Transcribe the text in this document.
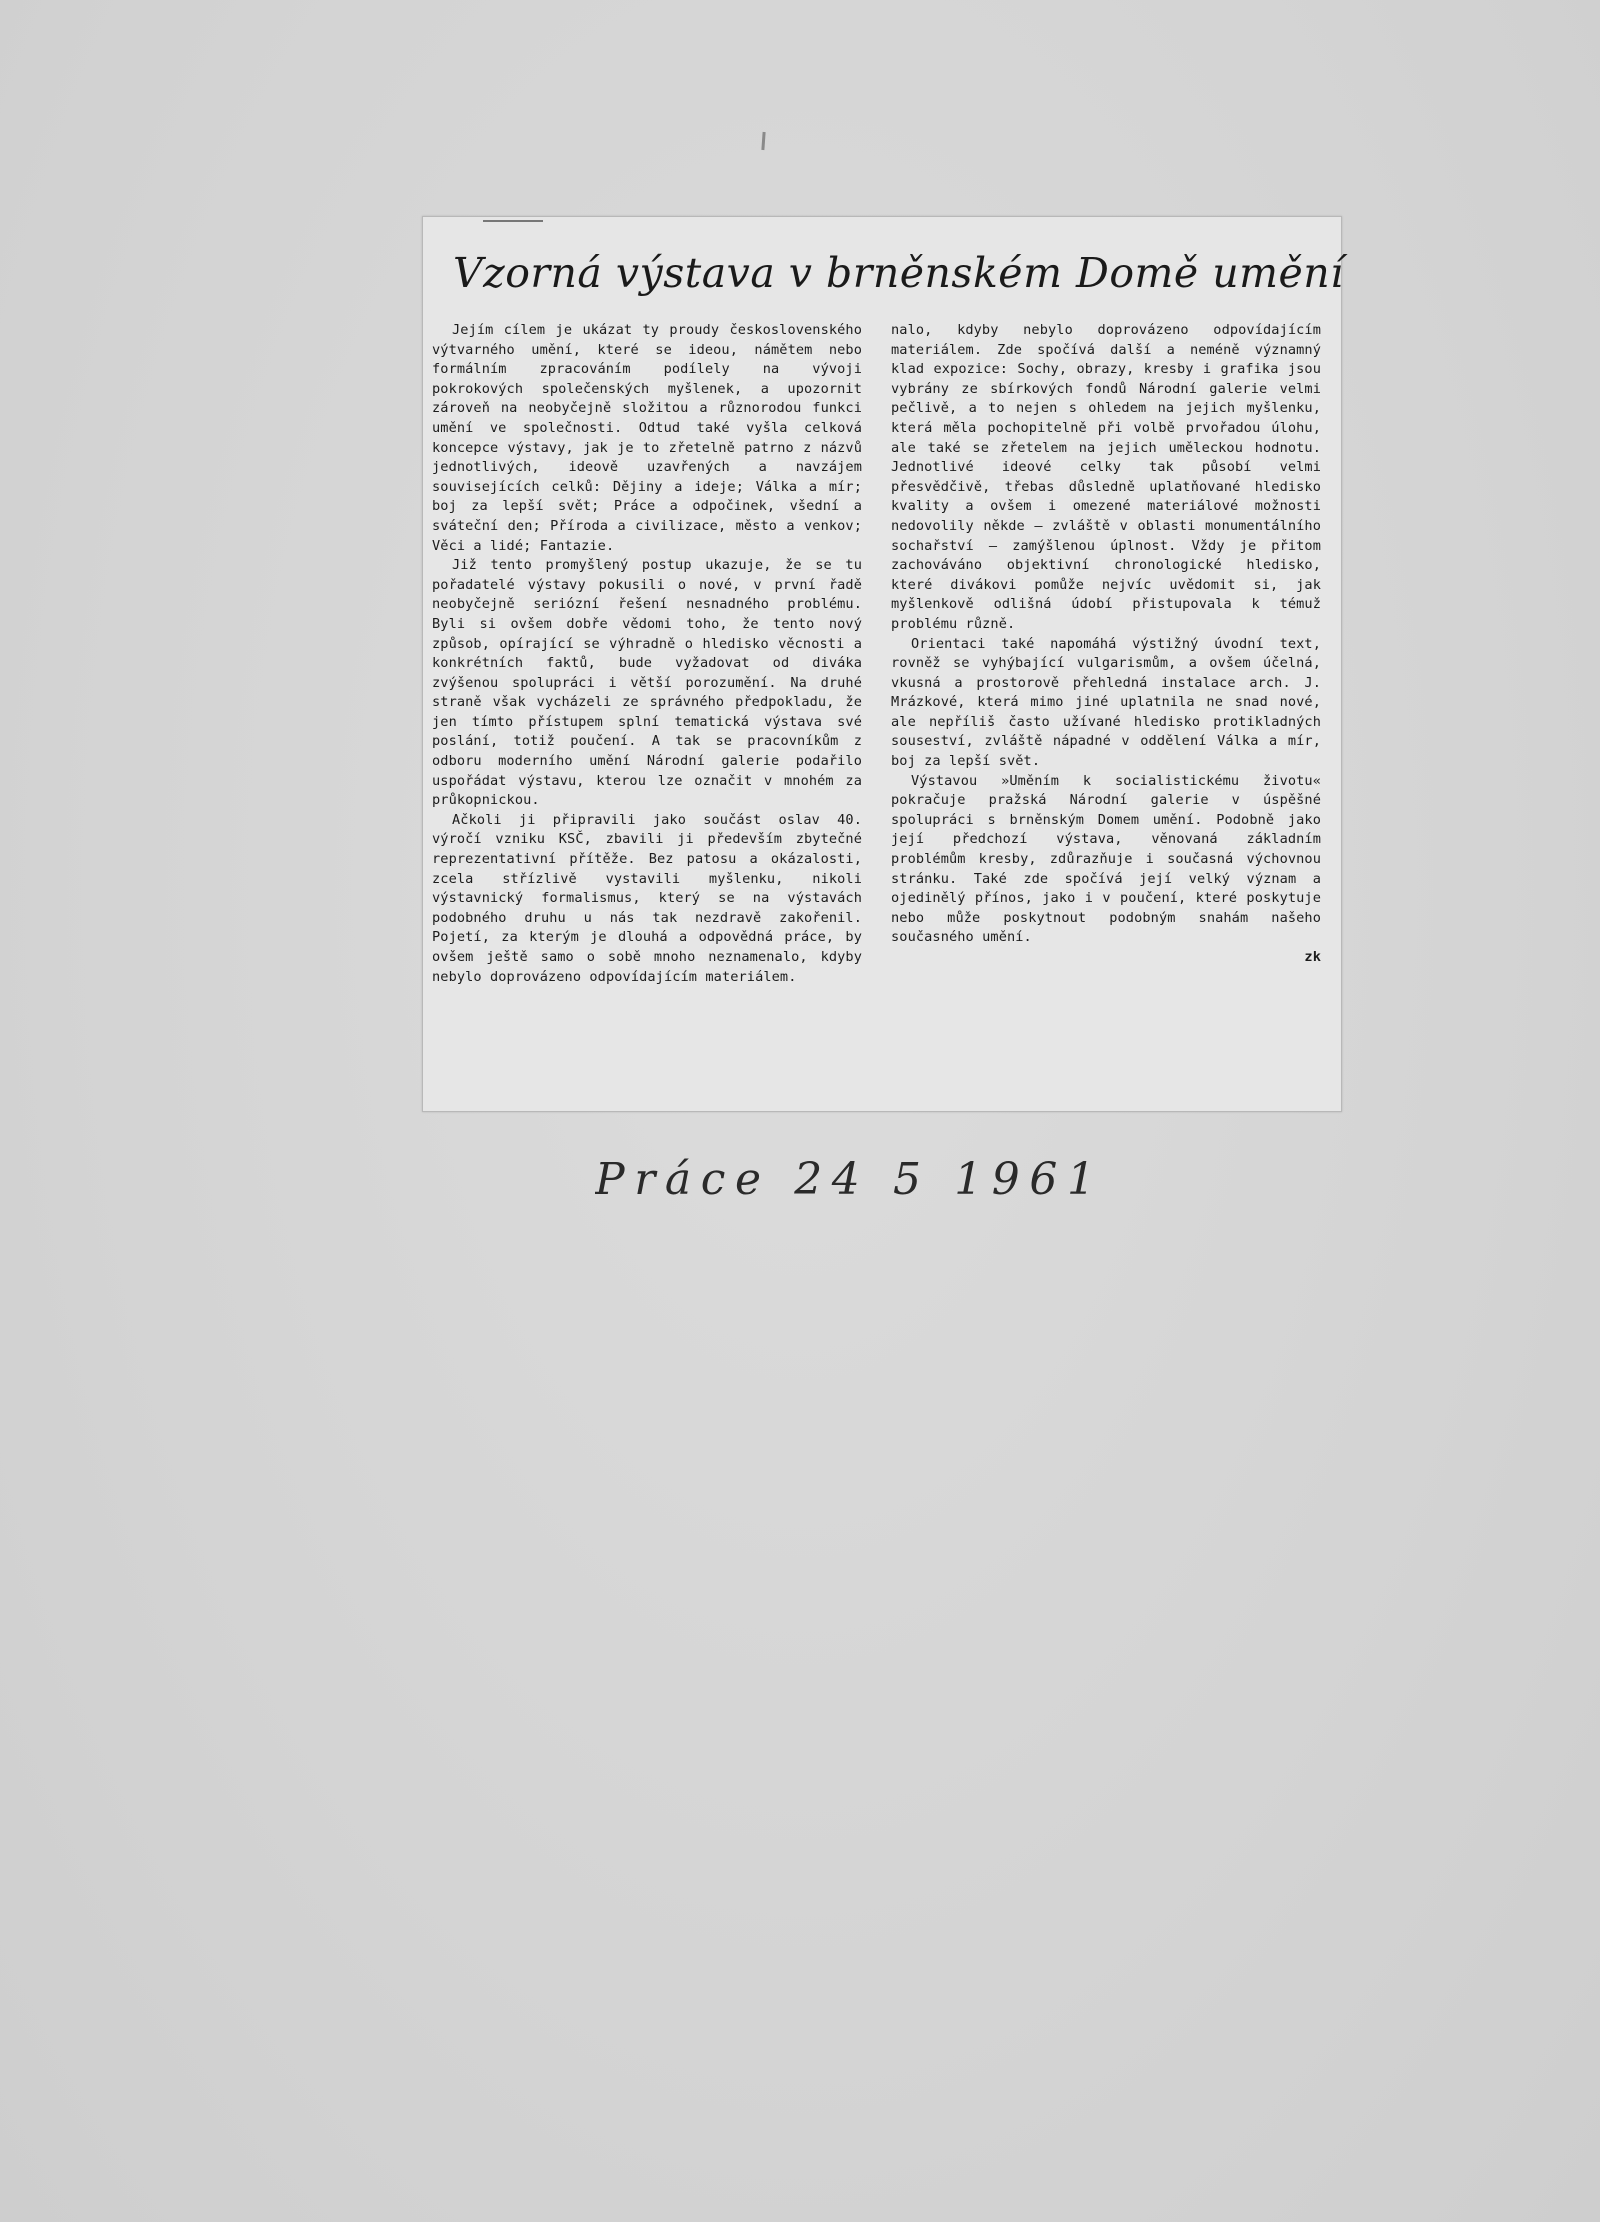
Vzorná výstava v brněnském Domě umění

Jejím cílem je ukázat ty proudy československého výtvarného umění, které se ideou, námětem nebo formálním zpracováním podílely na vývoji pokrokových společenských myšlenek, a upozornit zároveň na neobyčejně složitou a různorodou funkci umění ve společnosti. Odtud také vyšla celková koncepce výstavy, jak je to zřetelně patrno z názvů jednotlivých, ideově uzavřených a navzájem souvisejících celků: Dějiny a ideje; Válka a mír; boj za lepší svět; Práce a odpočinek, všední a sváteční den; Příroda a civilizace, město a venkov; Věci a lidé; Fantazie.

Již tento promyšlený postup ukazuje, že se tu pořadatelé výstavy pokusili o nové, v první řadě neobyčejně seriózní řešení nesnadného problému. Byli si ovšem dobře vědomi toho, že tento nový způsob, opírající se výhradně o hledisko věcnosti a konkrétních faktů, bude vyžadovat od diváka zvýšenou spolupráci i větší porozumění. Na druhé straně však vycházeli ze správného předpokladu, že jen tímto přístupem splní tematická výstava své poslání, totiž poučení. A tak se pracovníkům z odboru moderního umění Národní galerie podařilo uspořádat výstavu, kterou lze označit v mnohém za průkopnickou.

Ačkoli ji připravili jako součást oslav 40. výročí vzniku KSČ, zbavili ji především zbytečné reprezentativní přítěže. Bez patosu a okázalosti, zcela střízlivě vystavili myšlenku, nikoli výstavnický formalismus, který se na výstavách podobného druhu u nás tak nezdravě zakořenil. Pojetí, za kterým je dlouhá a odpovědná práce, by ovšem ještě samo o sobě mnoho neznamenalo, kdyby nebylo doprovázeno odpovídajícím materiálem.

nalo, kdyby nebylo doprovázeno odpovídajícím materiálem. Zde spočívá další a neméně významný klad expozice: Sochy, obrazy, kresby i grafika jsou vybrány ze sbírkových fondů Národní galerie velmi pečlivě, a to nejen s ohledem na jejich myšlenku, která měla pochopitelně při volbě prvořadou úlohu, ale také se zřetelem na jejich uměleckou hodnotu. Jednotlivé ideové celky tak působí velmi přesvědčivě, třebas důsledně uplatňované hledisko kvality a ovšem i omezené materiálové možnosti nedovolily někde — zvláště v oblasti monumentálního sochařství — zamýšlenou úplnost. Vždy je přitom zachováváno objektivní chronologické hledisko, které divákovi pomůže nejvíc uvědomit si, jak myšlenkově odlišná údobí přistupovala k témuž problému různě.

Orientaci také napomáhá výstižný úvodní text, rovněž se vyhýbající vulgarismům, a ovšem účelná, vkusná a prostorově přehledná instalace arch. J. Mrázkové, která mimo jiné uplatnila ne snad nové, ale nepříliš často užívané hledisko protikladných souseství, zvláště nápadné v oddělení Válka a mír, boj za lepší svět.

Výstavou »Uměním k socialistickému životu« pokračuje pražská Národní galerie v úspěšné spolupráci s brněnským Domem umění. Podobně jako její předchozí výstava, věnovaná základním problémům kresby, zdůrazňuje i současná výchovnou stránku. Také zde spočívá její velký význam a ojedinělý přínos, jako i v poučení, které poskytuje nebo může poskytnout podobným snahám našeho současného umění.

zk

Práce 24 5 1961
